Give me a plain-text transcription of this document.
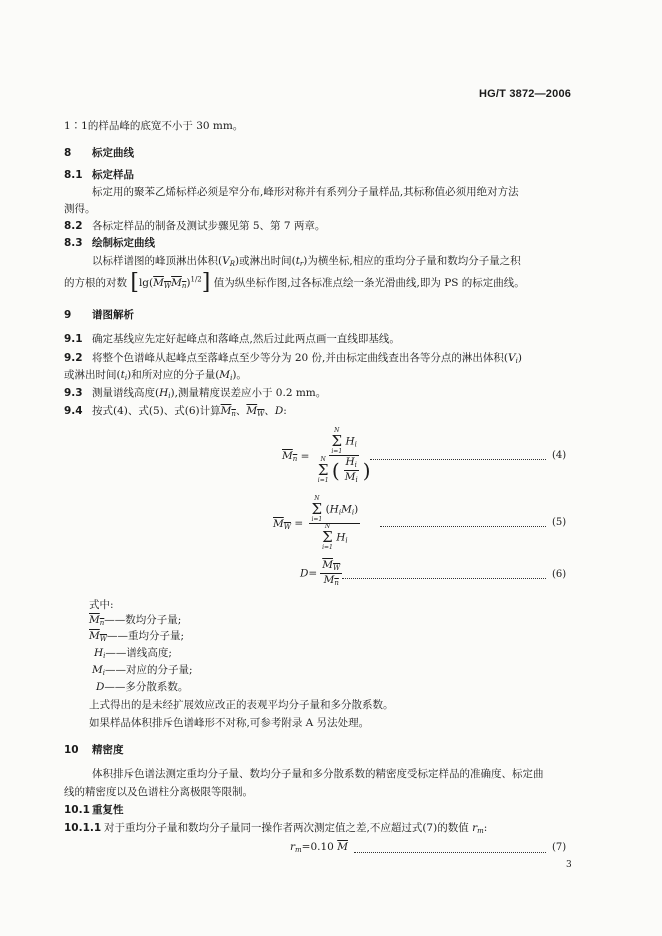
HG/T 3872—2006
1∶1的样品峰的底宽不小于 30 mm。
8 标定曲线
8.1 标定样品
标定用的聚苯乙烯标样必须是窄分布,峰形对称并有系列分子量样品,其标称值必须用绝对方法
测得。
8.2 各标定样品的制备及测试步骤见第 5、第 7 两章。
8.3 绘制标定曲线
以标样谱图的峰顶淋出体积$(V_R)$或淋出时间$(t_r)$为横坐标,相应的重均分子量和数均分子量之积
的方根的对数 $[\lg(M_WM_n)^{1/2}]$ 值为纵坐标作图,过各标准点绘一条光滑曲线,即为 PS 的标定曲线。
9 谱图解析
9.1 确定基线应先定好起峰点和落峰点,然后过此两点画一直线即基线。
9.2 将整个色谱峰从起峰点至落峰点至少等分为 20 份,并由标定曲线查出各等分点的淋出体积$(V_i)$
或淋出时间$(t_i)$和所对应的分子量$(M_i)$。
9.3 测量谱线高度$(H_i)$,测量精度误差应小于 0.2 mm。
9.4 按式(4)、式(5)、式(6)计算$M_n$、$M_W$、D:
$M_n = N$
Σ
i=1
$H_i$
N
Σ
i=1 ( $\frac{H_i}{M_i}$ )	(4)
$M_W = N$
Σ
i=1
$(H_iM_i)$
N
Σ
i=1
$H_i$	(5)
$D= \frac{M_W}{M_n}$	(6)
式中:
$M_n——$数均分子量;
$M_W——$重均分子量;
$H_i——$谱线高度;
$M_i——$对应的分子量;
D——多分散系数。
上式得出的是未经扩展效应改正的表观平均分子量和多分散系数。
如果样品体积排斥色谱峰形不对称,可参考附录 A 另法处理。
10 精密度
体积排斥色谱法测定重均分子量、数均分子量和多分散系数的精密度受标定样品的准确度、标定曲
线的精密度以及色谱柱分离极限等限制。
10.1 重复性
10.1.1 对于重均分子量和数均分子量同一操作者两次测定值之差,不应超过式(7)的数值 $r_m$:
$r_m=0.10$ $\overline{M}$	(7)
3
